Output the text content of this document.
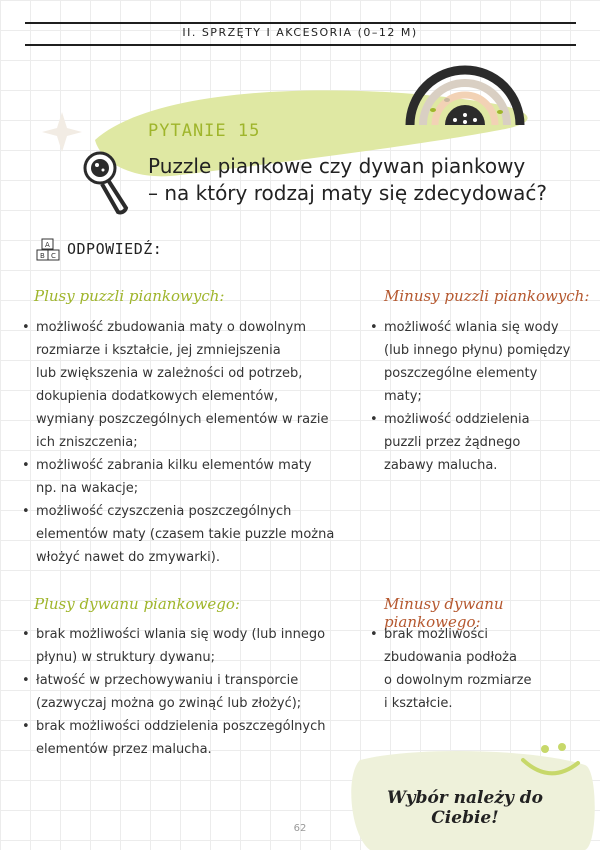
II. SPRZĘTY I AKCESORIA (0–12 M)
PYTANIE 15
Puzzle piankowe czy dywan piankowy
– na który rodzaj maty się zdecydować?
A
B C ODPOWIEDŹ:
Plusy puzzli piankowych:
• możliwość zbudowania maty o dowolnym
rozmiarze i kształcie, jej zmniejszenia
lub zwiększenia w zależności od potrzeb,
dokupienia dodatkowych elementów,
wymiany poszczególnych elementów w razie
ich zniszczenia;
• możliwość zabrania kilku elementów maty
np. na wakacje;
• możliwość czyszczenia poszczególnych
elementów maty (czasem takie puzzle można
włożyć nawet do zmywarki).
Minusy puzzli piankowych:
• możliwość wlania się wody
(lub innego płynu) pomiędzy
poszczególne elementy
maty;
• możliwość oddzielenia
puzzli przez żądnego
zabawy malucha.
Plusy dywanu piankowego:
• brak możliwości wlania się wody (lub innego
płynu) w struktury dywanu;
• łatwość w przechowywaniu i transporcie
(zazwyczaj można go zwinąć lub złożyć);
• brak możliwości oddzielenia poszczególnych
elementów przez malucha.
Minusy dywanu piankowego:
• brak możliwości
zbudowania podłoża
o dowolnym rozmiarze
i kształcie.
Wybór należy do Ciebie!
62
